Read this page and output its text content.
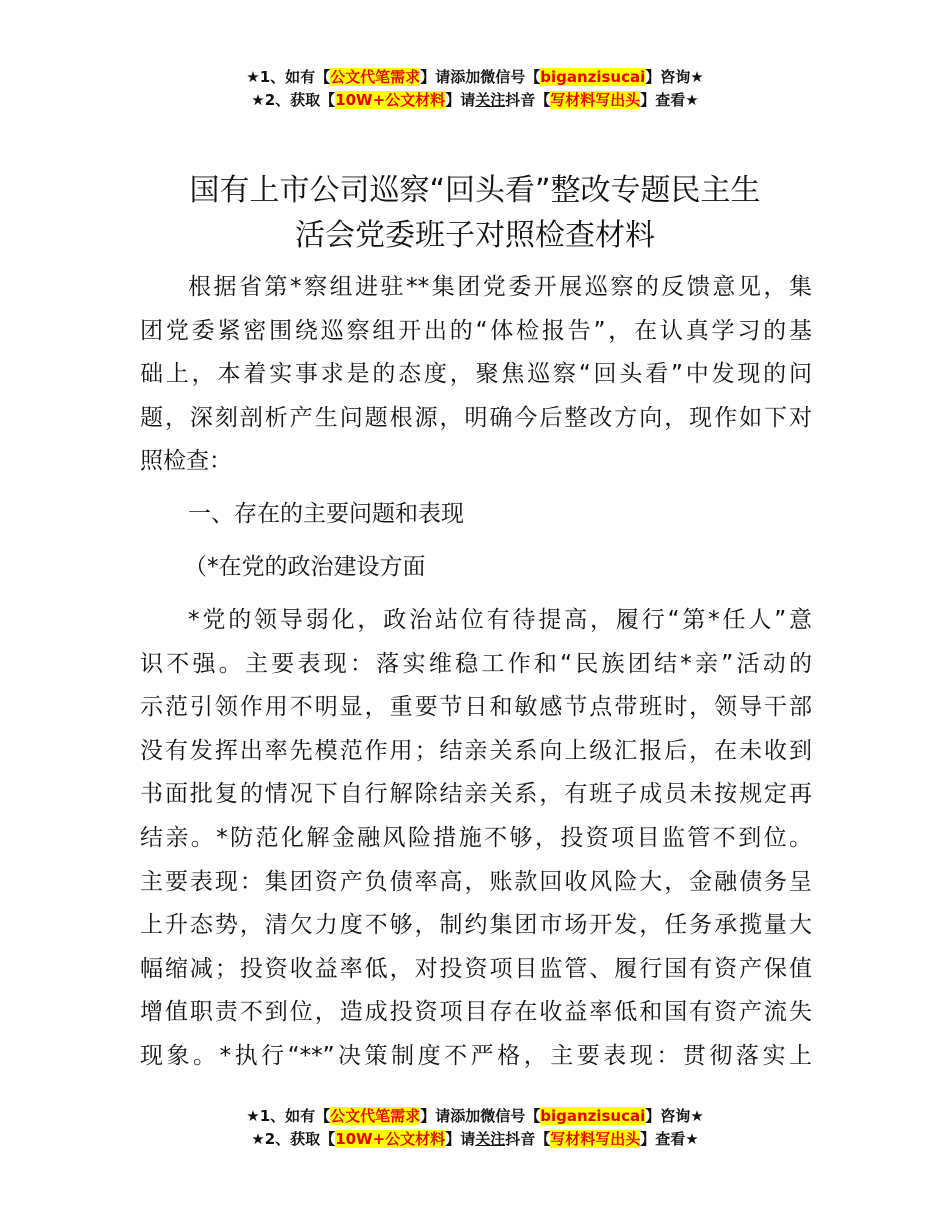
★1、如有【公文代笔需求】请添加微信号【biganzisucai】咨询★
★2、获取【10W+公文材料】请关注抖音【写材料写出头】查看★
国有上市公司巡察“回头看”整改专题民主生
活会党委班子对照检查材料
根据省第*察组进驻**集团党委开展巡察的反馈意见，集
团党委紧密围绕巡察组开出的“体检报告”，在认真学习的基
础上，本着实事求是的态度，聚焦巡察“回头看”中发现的问
题，深刻剖析产生问题根源，明确今后整改方向，现作如下对
照检查：
一、存在的主要问题和表现
（*在党的政治建设方面
*党的领导弱化，政治站位有待提高，履行“第*任人”意
识不强。主要表现：落实维稳工作和“民族团结*亲”活动的
示范引领作用不明显，重要节日和敏感节点带班时，领导干部
没有发挥出率先模范作用；结亲关系向上级汇报后，在未收到
书面批复的情况下自行解除结亲关系，有班子成员未按规定再
结亲。*防范化解金融风险措施不够，投资项目监管不到位。
主要表现：集团资产负债率高，账款回收风险大，金融债务呈
上升态势，清欠力度不够，制约集团市场开发，任务承揽量大
幅缩减；投资收益率低，对投资项目监管、履行国有资产保值
增值职责不到位，造成投资项目存在收益率低和国有资产流失
现象。*执行“**”决策制度不严格，主要表现：贯彻落实上
★1、如有【公文代笔需求】请添加微信号【biganzisucai】咨询★
★2、获取【10W+公文材料】请关注抖音【写材料写出头】查看★
